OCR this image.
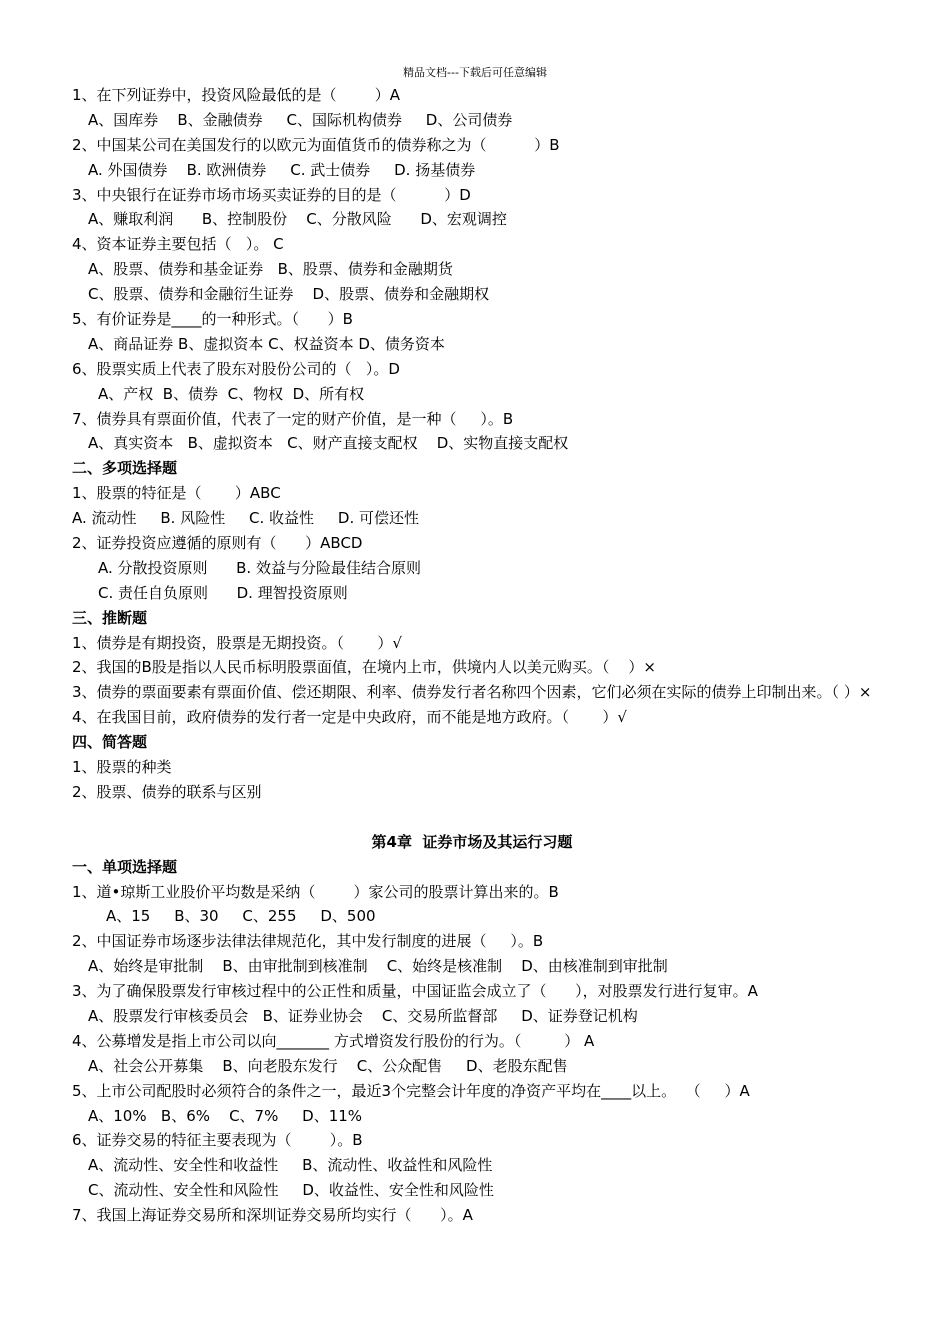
精品文档---下载后可任意编辑
1、在下列证券中，投资风险最低的是（        ）A
A、国库券    B、金融债券     C、国际机构债券     D、公司债券
2、中国某公司在美国发行的以欧元为面值货币的债券称之为（          ）B
A. 外国债券    B. 欧洲债券     C. 武士债券     D. 扬基债券
3、中央银行在证券市场市场买卖证券的目的是（          ）D
A、赚取利润      B、控制股份    C、分散风险      D、宏观调控
4、资本证券主要包括（   ）。 C
A、股票、债券和基金证券   B、股票、债券和金融期货
C、股票、债券和金融衍生证券    D、股票、债券和金融期权
5、有价证券是____的一种形式。（      ）B
A、商品证券 B、虚拟资本 C、权益资本 D、债务资本
6、股票实质上代表了股东对股份公司的（   ）。D
A、产权  B、债券  C、物权  D、所有权
7、债券具有票面价值，代表了一定的财产价值，是一种（     ）。B
A、真实资本   B、虚拟资本   C、财产直接支配权    D、实物直接支配权
二、多项选择题
1、股票的特征是（       ）ABC
A. 流动性     B. 风险性     C. 收益性     D. 可偿还性
2、证券投资应遵循的原则有（      ）ABCD
A. 分散投资原则      B. 效益与分险最佳结合原则
C. 责任自负原则      D. 理智投资原则
三、推断题
1、债券是有期投资，股票是无期投资。（       ）√
2、我国的B股是指以人民币标明股票面值，在境内上市，供境内人以美元购买。（    ）×
3、债券的票面要素有票面价值、偿还期限、利率、债券发行者名称四个因素，它们必须在实际的债券上印制出来。（ ）×
4、在我国目前，政府债券的发行者一定是中央政府，而不能是地方政府。（       ）√
四、简答题
1、股票的种类
2、股票、债券的联系与区别
第4章  证券市场及其运行习题
一、单项选择题
1、道•琼斯工业股价平均数是采纳（        ）家公司的股票计算出来的。B
A、15     B、30     C、255     D、500
2、中国证券市场逐步法律法律规范化，其中发行制度的进展（     ）。B
A、始终是审批制    B、由审批制到核准制    C、始终是核准制    D、由核准制到审批制
3、为了确保股票发行审核过程中的公正性和质量，中国证监会成立了（      ），对股票发行进行复审。A
A、股票发行审核委员会   B、证券业协会    C、交易所监督部     D、证券登记机构
4、公募增发是指上市公司以向_______ 方式增资发行股份的行为。（         ） A
A、社会公开募集    B、向老股东发行    C、公众配售     D、老股东配售
5、上市公司配股时必须符合的条件之一，最近3个完整会计年度的净资产平均在____以上。  （     ）A
A、10%   B、6%    C、7%     D、11%
6、证券交易的特征主要表现为（        ）。B
A、流动性、安全性和收益性     B、流动性、收益性和风险性
C、流动性、安全性和风险性     D、收益性、安全性和风险性
7、我国上海证券交易所和深圳证券交易所均实行（      ）。A
